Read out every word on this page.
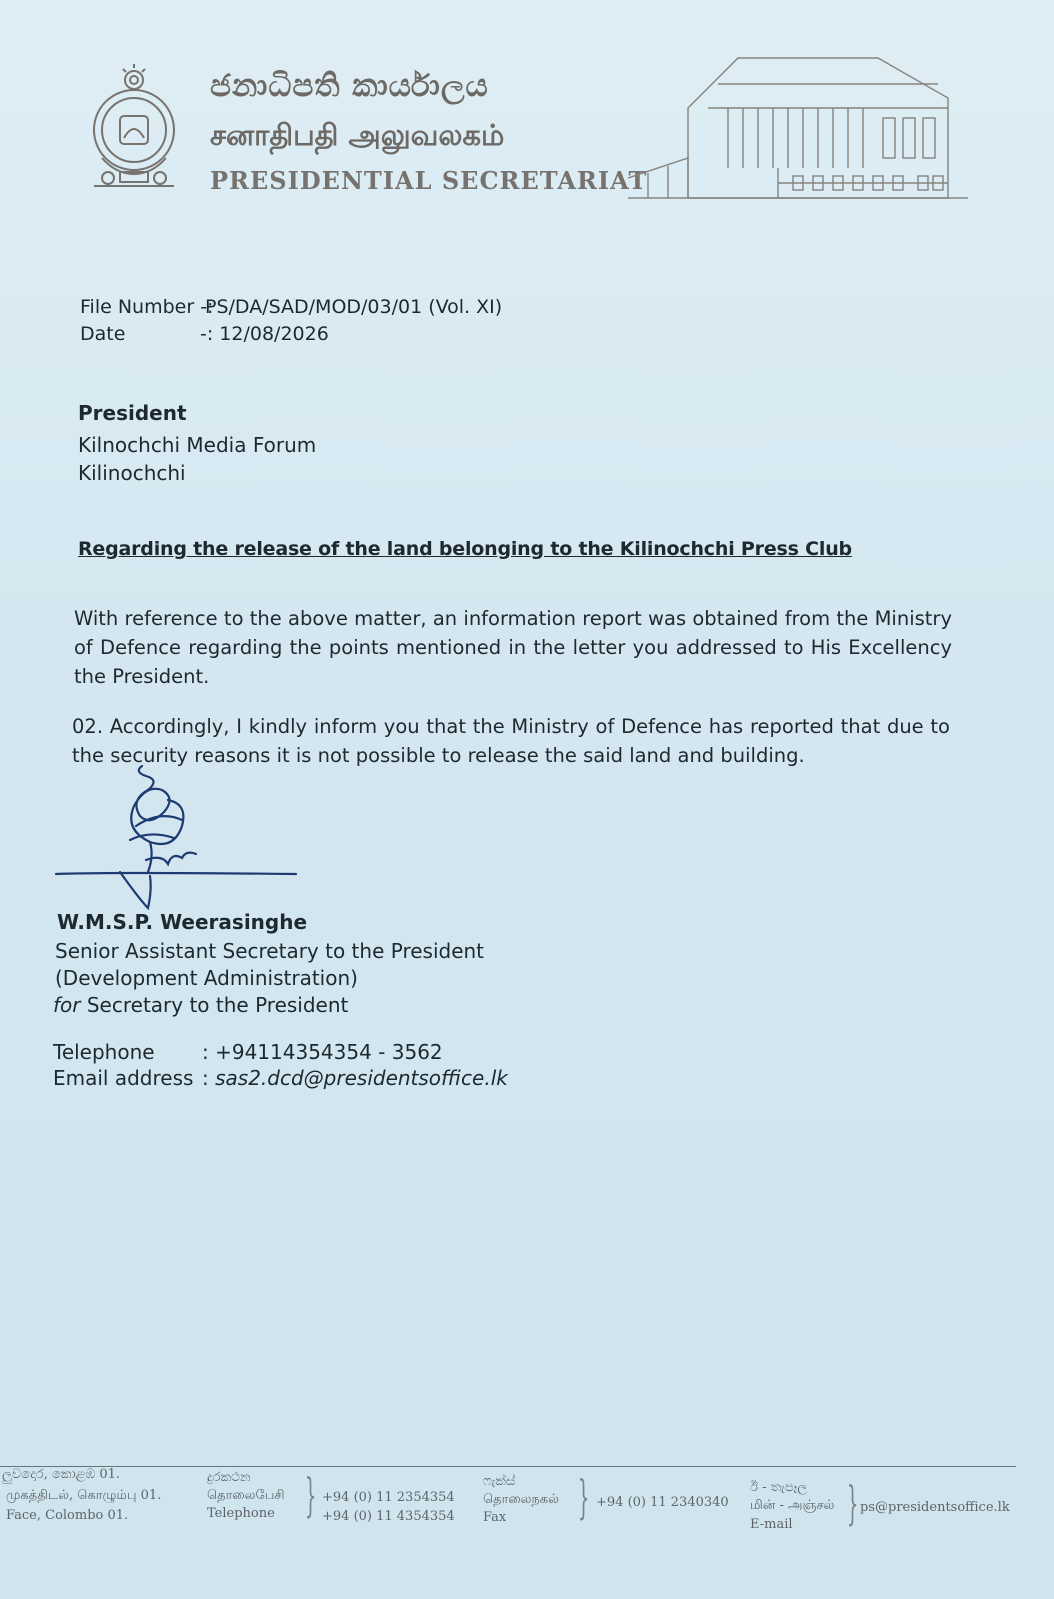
ජනාධිපති කාර්යාලය
சனாதிபதி அலுவலகம்
PRESIDENTIAL SECRETARIAT
File Number -:
PS/DA/SAD/MOD/03/01 (Vol. XI)
Date	-: 12/08/2026
President
Kilnochchi Media Forum
Kilinochchi
Regarding the release of the land belonging to the Kilinochchi Press Club
With reference to the above matter, an information report was obtained from the Ministry of Defence regarding the points mentioned in the letter you addressed to His Excellency the President.
02. Accordingly, I kindly inform you that the Ministry of Defence has reported that due to the security reasons it is not possible to release the said land and building.
W.M.S.P. Weerasinghe
Senior Assistant Secretary to the President
(Development Administration)
for Secretary to the President
Telephone : +94114354354 - 3562
Email address : sas2.dcd@presidentsoffice.lk
ලුවදොර, කොළඹ 01.
முகத்திடல், கொழும்பு 01.
Face, Colombo 01.
දුරකථන
தொலைபேசி
Telephone } +94 (0) 11 2354354
+94 (0) 11 4354354
ෆැක්ස්
தொலைநகல்
Fax } +94 (0) 11 2340340
ඊ - තැපෑල
மின் - அஞ்சல்
E-mail } ps@presidentsoffice.lk
